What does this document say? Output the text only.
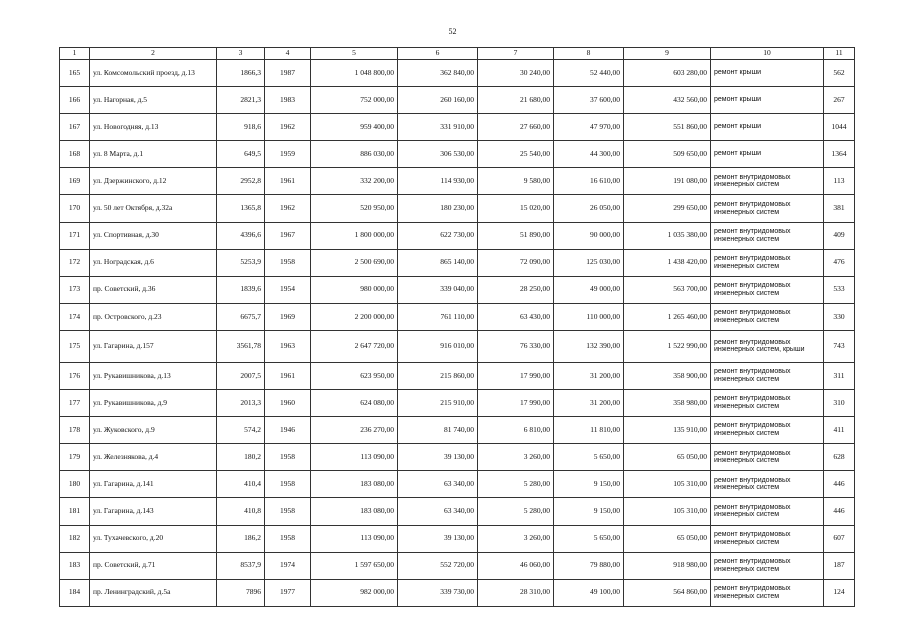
52
1	2	3	4	5	6	7	8	9	10	11
165	ул. Комсомольский проезд, д.13	1866,3	1987	1 048 800,00	362 840,00	30 240,00	52 440,00	603 280,00	ремонт крыши	562
166	ул. Нагорная, д.5	2821,3	1983	752 000,00	260 160,00	21 680,00	37 600,00	432 560,00	ремонт крыши	267
167	ул. Новогодняя, д.13	918,6	1962	959 400,00	331 910,00	27 660,00	47 970,00	551 860,00	ремонт крыши	1044
168	ул. 8 Марта, д.1	649,5	1959	886 030,00	306 530,00	25 540,00	44 300,00	509 650,00	ремонт крыши	1364
169	ул. Дзержинского, д.12	2952,8	1961	332 200,00	114 930,00	9 580,00	16 610,00	191 080,00	ремонт внутридомовых инженерных систем	113
170	ул. 50 лет Октября, д.32а	1365,8	1962	520 950,00	180 230,00	15 020,00	26 050,00	299 650,00	ремонт внутридомовых инженерных систем	381
171	ул. Спортивная, д.30	4396,6	1967	1 800 000,00	622 730,00	51 890,00	90 000,00	1 035 380,00	ремонт внутридомовых инженерных систем	409
172	ул. Ноградская, д.6	5253,9	1958	2 500 690,00	865 140,00	72 090,00	125 030,00	1 438 420,00	ремонт внутридомовых инженерных систем	476
173	пр. Советский, д.36	1839,6	1954	980 000,00	339 040,00	28 250,00	49 000,00	563 700,00	ремонт внутридомовых инженерных систем	533
174	пр. Островского, д.23	6675,7	1969	2 200 000,00	761 110,00	63 430,00	110 000,00	1 265 460,00	ремонт внутридомовых инженерных систем	330
175	ул. Гагарина, д.157	3561,78	1963	2 647 720,00	916 010,00	76 330,00	132 390,00	1 522 990,00	ремонт внутридомовых инженерных систем, крыши	743
176	ул. Рукавишникова, д.13	2007,5	1961	623 950,00	215 860,00	17 990,00	31 200,00	358 900,00	ремонт внутридомовых инженерных систем	311
177	ул. Рукавишникова, д.9	2013,3	1960	624 080,00	215 910,00	17 990,00	31 200,00	358 980,00	ремонт внутридомовых инженерных систем	310
178	ул. Жуковского, д.9	574,2	1946	236 270,00	81 740,00	6 810,00	11 810,00	135 910,00	ремонт внутридомовых инженерных систем	411
179	ул. Железнякова, д.4	180,2	1958	113 090,00	39 130,00	3 260,00	5 650,00	65 050,00	ремонт внутридомовых инженерных систем	628
180	ул. Гагарина, д.141	410,4	1958	183 080,00	63 340,00	5 280,00	9 150,00	105 310,00	ремонт внутридомовых инженерных систем	446
181	ул. Гагарина, д.143	410,8	1958	183 080,00	63 340,00	5 280,00	9 150,00	105 310,00	ремонт внутридомовых инженерных систем	446
182	ул. Тухачевского, д.20	186,2	1958	113 090,00	39 130,00	3 260,00	5 650,00	65 050,00	ремонт внутридомовых инженерных систем	607
183	пр. Советский, д.71	8537,9	1974	1 597 650,00	552 720,00	46 060,00	79 880,00	918 980,00	ремонт внутридомовых инженерных систем	187
184	пр. Ленинградский, д.5а	7896	1977	982 000,00	339 730,00	28 310,00	49 100,00	564 860,00	ремонт внутридомовых инженерных систем	124
